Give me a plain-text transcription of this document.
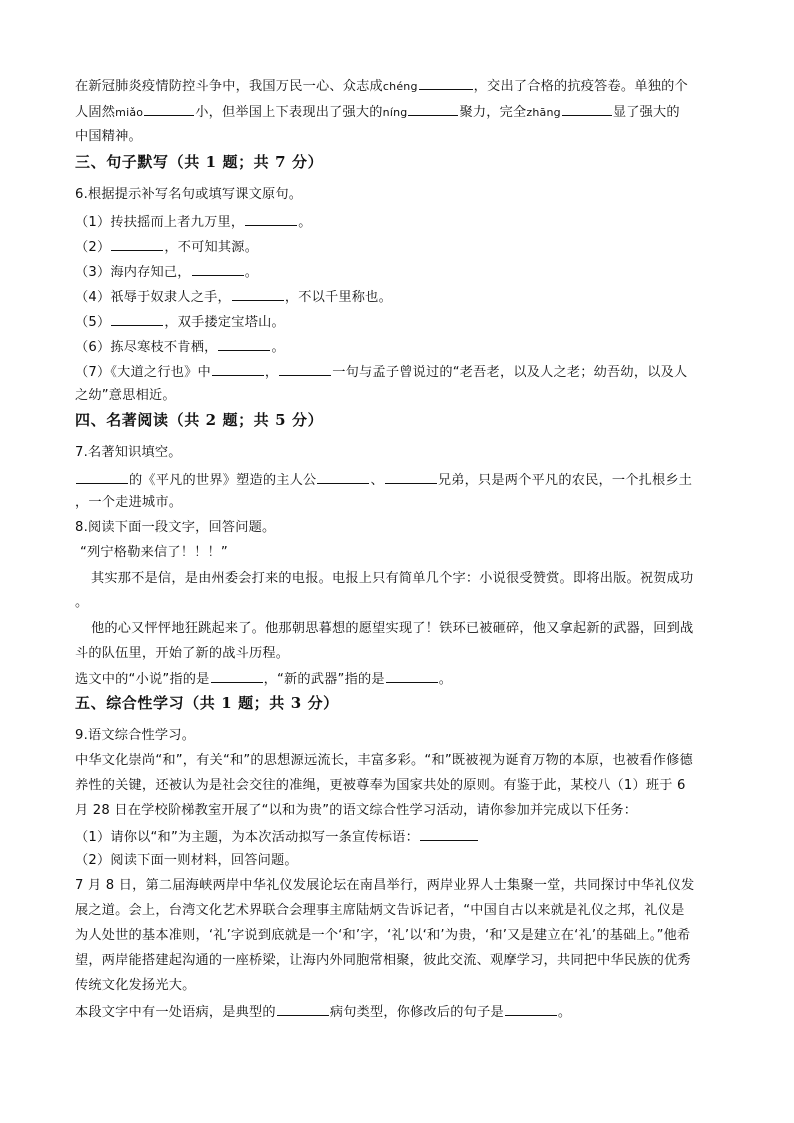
在新冠肺炎疫情防控斗争中，我国万民一心、众志成chéng	，交出了合格的抗疫答卷。单独的个
人固然miǎo	小，但举国上下表现出了强大的níng	聚力，完全zhāng	显了强大的
中国精神。
三、句子默写（共 1 题；共 7 分）
6.根据提示补写名句或填写课文原句。
（1）抟扶摇而上者九万里，	。
（2）	，不可知其源。
（3）海内存知己，	。
（4）祇辱于奴隶人之手，	，不以千里称也。
（5）	，双手搂定宝塔山。
（6）拣尽寒枝不肯栖，	。
（7）《大道之行也》中	，	一句与孟子曾说过的“老吾老，以及人之老；幼吾幼，以及人
之幼”意思相近。
四、名著阅读（共 2 题；共 5 分）
7.名著知识填空。
的《平凡的世界》塑造的主人公	、	兄弟，只是两个平凡的农民，一个扎根乡土
，一个走进城市。
8.阅读下面一段文字，回答问题。
“列宁格勒来信了！！！”
其实那不是信，是由州委会打来的电报。电报上只有简单几个字：小说很受赞赏。即将出版。祝贺成功
。
他的心又怦怦地狂跳起来了。他那朝思暮想的愿望实现了！铁环已被砸碎，他又拿起新的武器，回到战
斗的队伍里，开始了新的战斗历程。
选文中的“小说”指的是	，“新的武器”指的是	。
五、综合性学习（共 1 题；共 3 分）
9.语文综合性学习。
中华文化崇尚“和”，有关“和”的思想源远流长，丰富多彩。“和”既被视为诞育万物的本原，也被看作修德
养性的关键，还被认为是社会交往的准绳，更被尊奉为国家共处的原则。有鉴于此，某校八（1）班于 6
月 28 日在学校阶梯教室开展了“以和为贵”的语文综合性学习活动，请你参加并完成以下任务：
（1）请你以“和”为主题，为本次活动拟写一条宣传标语：
（2）阅读下面一则材料，回答问题。
7 月 8 日，第二届海峡两岸中华礼仪发展论坛在南昌举行，两岸业界人士集聚一堂，共同探讨中华礼仪发
展之道。会上，台湾文化艺术界联合会理事主席陆炳文告诉记者，“中国自古以来就是礼仪之邦，礼仪是
为人处世的基本准则，‘礼’字说到底就是一个‘和’字，‘礼’以‘和’为贵，‘和’又是建立在‘礼’的基础上。”他希
望，两岸能搭建起沟通的一座桥梁，让海内外同胞常相聚，彼此交流、观摩学习，共同把中华民族的优秀
传统文化发扬光大。
本段文字中有一处语病，是典型的	病句类型，你修改后的句子是	。
